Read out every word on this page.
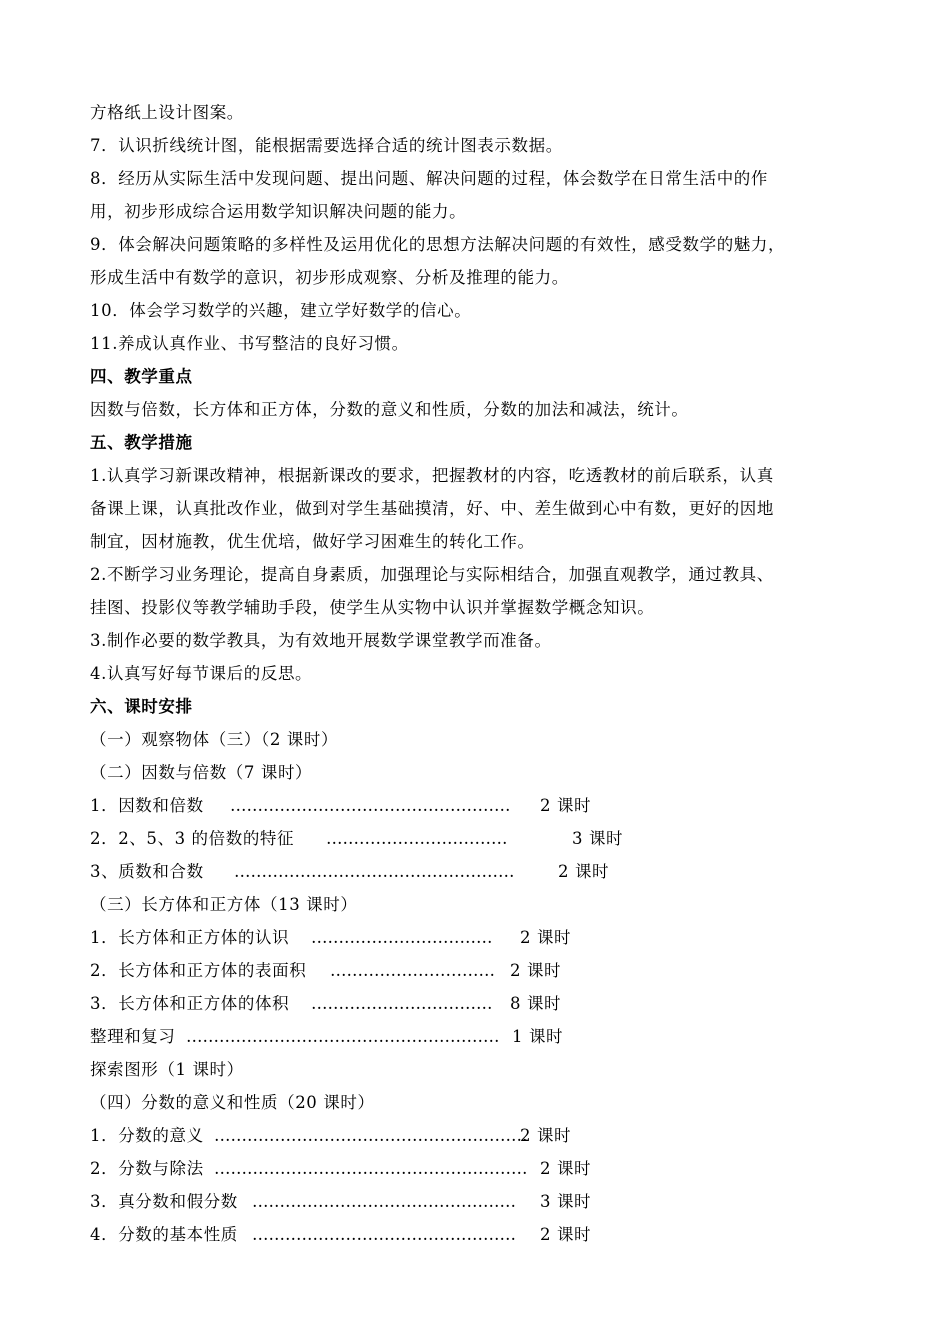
方格纸上设计图案。
7．认识折线统计图，能根据需要选择合适的统计图表示数据。
8．经历从实际生活中发现问题、提出问题、解决问题的过程，体会数学在日常生活中的作
用，初步形成综合运用数学知识解决问题的能力。
9．体会解决问题策略的多样性及运用优化的思想方法解决问题的有效性，感受数学的魅力，
形成生活中有数学的意识，初步形成观察、分析及推理的能力。
10．体会学习数学的兴趣，建立学好数学的信心。
11.养成认真作业、书写整洁的良好习惯。
四、教学重点
因数与倍数，长方体和正方体，分数的意义和性质，分数的加法和减法，统计。
五、教学措施
1.认真学习新课改精神，根据新课改的要求，把握教材的内容，吃透教材的前后联系，认真
备课上课，认真批改作业，做到对学生基础摸清，好、中、差生做到心中有数，更好的因地
制宜，因材施教，优生优培，做好学习困难生的转化工作。
2.不断学习业务理论，提高自身素质，加强理论与实际相结合，加强直观教学，通过教具、
挂图、投影仪等教学辅助手段，使学生从实物中认识并掌握数学概念知识。
3.制作必要的数学教具，为有效地开展数学课堂教学而准备。
4.认真写好每节课后的反思。
六、课时安排
（一）观察物体（三）（2 课时）
（二）因数与倍数（7 课时）
1．因数和倍数 …………………………………………… 2 课时
2．2、5、3 的倍数的特征 ……………………………	3 课时
3、质数和合数 ……………………………………………	2 课时
（三）长方体和正方体（13 课时）
1．长方体和正方体的认识 …………………………… 2 课时
2．长方体和正方体的表面积 ………………………… 2 课时
3．长方体和正方体的体积 …………………………… 8 课时
整理和复习 ………………………………………………… 1 课时
探索图形（1 课时）
（四）分数的意义和性质（20 课时）
1．分数的意义 …………………………………………………
2 课时
2．分数与除法 ………………………………………………… 2 课时
3．真分数和假分数 ………………………………………… 3 课时
4．分数的基本性质 ………………………………………… 2 课时
